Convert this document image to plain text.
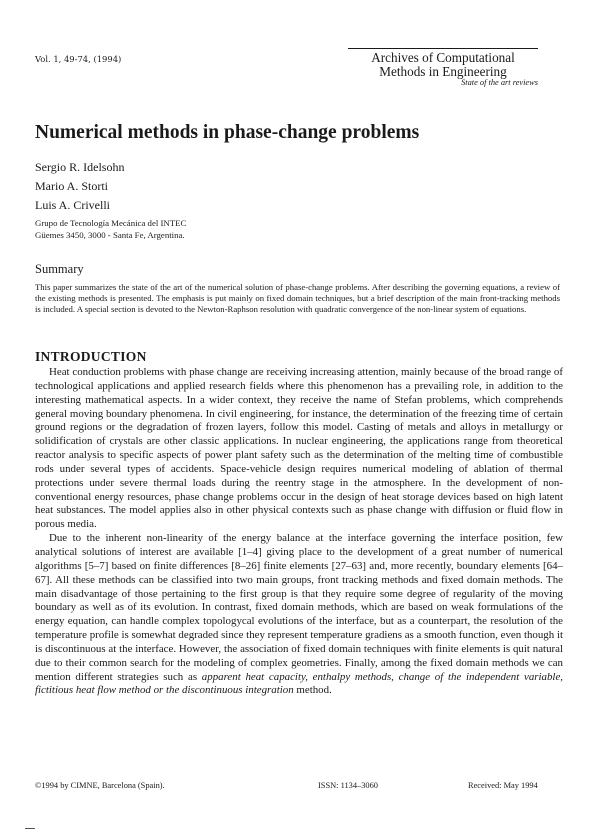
Vol. 1, 49-74, (1994)	Archives of Computational
Methods in Engineering
State of the art reviews
Numerical methods in phase-change problems
Sergio R. Idelsohn
Mario A. Storti
Luis A. Crivelli
Grupo de Tecnología Mecánica del INTEC
Güemes 3450, 3000 - Santa Fe, Argentina.
Summary
This paper summarizes the state of the art of the numerical solution of phase-change problems. After describing the governing equations, a review of the existing methods is presented. The emphasis is put mainly on fixed domain techniques, but a brief description of the main front-tracking methods is included. A special section is devoted to the Newton-Raphson resolution with quadratic convergence of the non-linear system of equations.
INTRODUCTION

Heat conduction problems with phase change are receiving increasing attention, mainly because of the broad range of technological applications and applied research fields where this phenomenon has a prevailing role, in addition to the interesting mathematical aspects. In a wider context, they receive the name of Stefan problems, which comprehends general moving boundary phenomena. In civil engineering, for instance, the determination of the freezing time of certain ground regions or the degradation of frozen layers, follow this model. Casting of metals and alloys in metallurgy or solidification of crystals are other classic applications. In nuclear engineering, the applications range from theoretical reactor analysis to specific aspects of power plant safety such as the determination of the melting time of combustible rods under several types of accidents. Space-vehicle design requires numerical modeling of ablation of thermal protections under severe thermal loads during the reentry stage in the atmosphere. In the development of non-conventional energy resources, phase change problems occur in the design of heat storage devices based on high latent heat substances. The model applies also in other physical contexts such as phase change with diffusion or fluid flow in porous media.

Due to the inherent non-linearity of the energy balance at the interface governing the interface position, few analytical solutions of interest are available [1–4] giving place to the development of a great number of numerical algorithms [5–7] based on finite differences [8–26] finite elements [27–63] and, more recently, boundary elements [64–67]. All these methods can be classified into two main groups, front tracking methods and fixed domain methods. The main disadvantage of those pertaining to the first group is that they require some degree of regularity of the moving boundary as well as of its evolution. In contrast, fixed domain methods, which are based on weak formulations of the energy equation, can handle complex topologycal evolutions of the interface, but as a counterpart, the resolution of the temperature profile is somewhat degraded since they represent temperature gradiens as a smooth function, even though it is discontinuous at the interface. However, the association of fixed domain techniques with finite elements is quit natural due to their common search for the modeling of complex geometries. Finally, among the fixed domain methods we can mention different strategies such as apparent heat capacity, enthalpy methods, change of the independent variable, fictitious heat flow method or the discontinuous integration method.

©1994 by CIMNE, Barcelona (Spain).	ISSN: 1134–3060	Received: May 1994
